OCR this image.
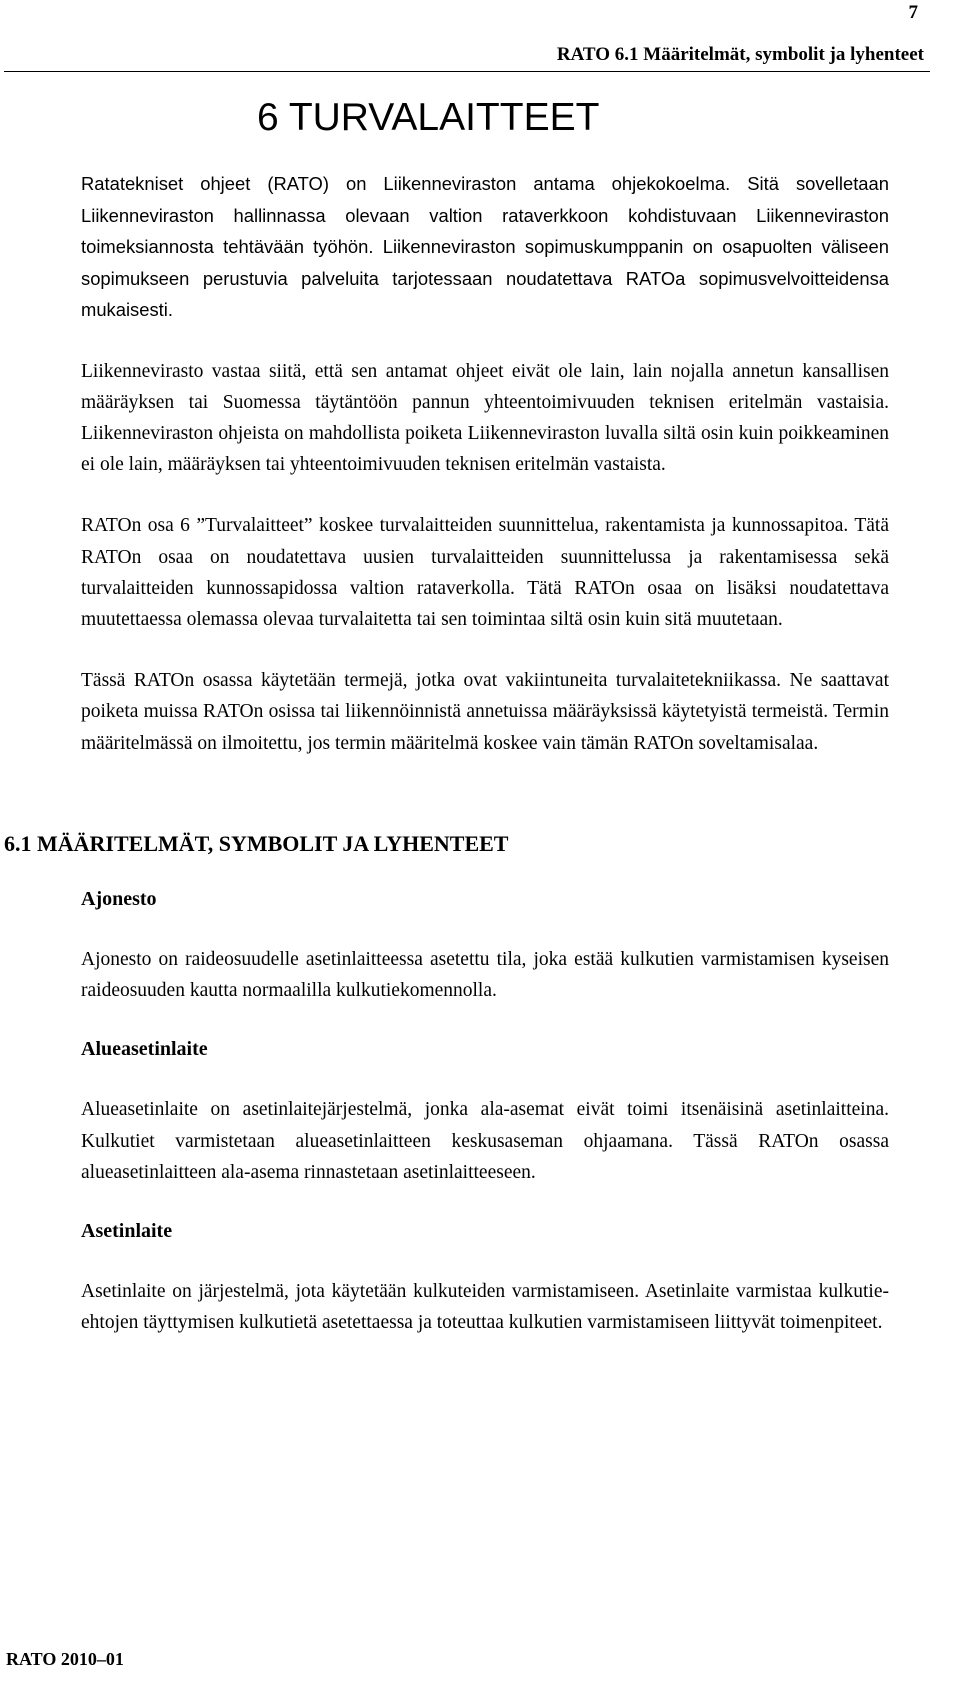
7
RATO 6.1 Määritelmät, symbolit ja lyhenteet
6 TURVALAITTEET

Ratatekniset ohjeet (RATO) on Liikenneviraston antama ohjekokoelma. Sitä sovelletaan Liikenneviraston hallinnassa olevaan valtion rataverkkoon kohdistuvaan Liikenneviraston toimeksiannosta tehtävään työhön. Liikenneviraston sopimuskumppanin on osapuolten väliseen sopimukseen perustuvia palveluita tarjotessaan noudatettava RATOa sopimusvelvoitteidensa mukaisesti.

Liikennevirasto vastaa siitä, että sen antamat ohjeet eivät ole lain, lain nojalla annetun kansallisen määräyksen tai Suomessa täytäntöön pannun yhteentoimivuuden teknisen eritelmän vastaisia. Liikenneviraston ohjeista on mahdollista poiketa Liikenneviraston luvalla siltä osin kuin poikkeaminen ei ole lain, määräyksen tai yhteentoimivuuden teknisen eritelmän vastaista.

RATOn osa 6 ”Turvalaitteet” koskee turvalaitteiden suunnittelua, rakentamista ja kunnossapitoa. Tätä RATOn osaa on noudatettava uusien turvalaitteiden suunnittelussa ja rakentamisessa sekä turvalaitteiden kunnossapidossa valtion rataverkolla. Tätä RATOn osaa on lisäksi noudatettava muutettaessa olemassa olevaa turvalaitetta tai sen toimintaa siltä osin kuin sitä muutetaan.

Tässä RATOn osassa käytetään termejä, jotka ovat vakiintuneita turvalaitetekniikassa. Ne saattavat poiketa muissa RATOn osissa tai liikennöinnistä annetuissa määräyksissä käytetyistä termeistä. Termin määritelmässä on ilmoitettu, jos termin määritelmä koskee vain tämän RATOn soveltamisalaa.

6.1 MÄÄRITELMÄT, SYMBOLIT JA LYHENTEET
Ajonesto

Ajonesto on raideosuudelle asetinlaitteessa asetettu tila, joka estää kulkutien varmistamisen kyseisen raideosuuden kautta normaalilla kulkutiekomennolla.

Alueasetinlaite

Alueasetinlaite on asetinlaitejärjestelmä, jonka ala-asemat eivät toimi itsenäisinä asetinlaitteina. Kulkutiet varmistetaan alueasetinlaitteen keskusaseman ohjaamana. Tässä RATOn osassa alueasetinlaitteen ala-asema rinnastetaan asetinlaitteeseen.

Asetinlaite

Asetinlaite on järjestelmä, jota käytetään kulkuteiden varmistamiseen. Asetinlaite varmistaa kulkutie-ehtojen täyttymisen kulkutietä asetettaessa ja toteuttaa kulkutien varmistamiseen liittyvät toimenpiteet.

RATO 2010–01
